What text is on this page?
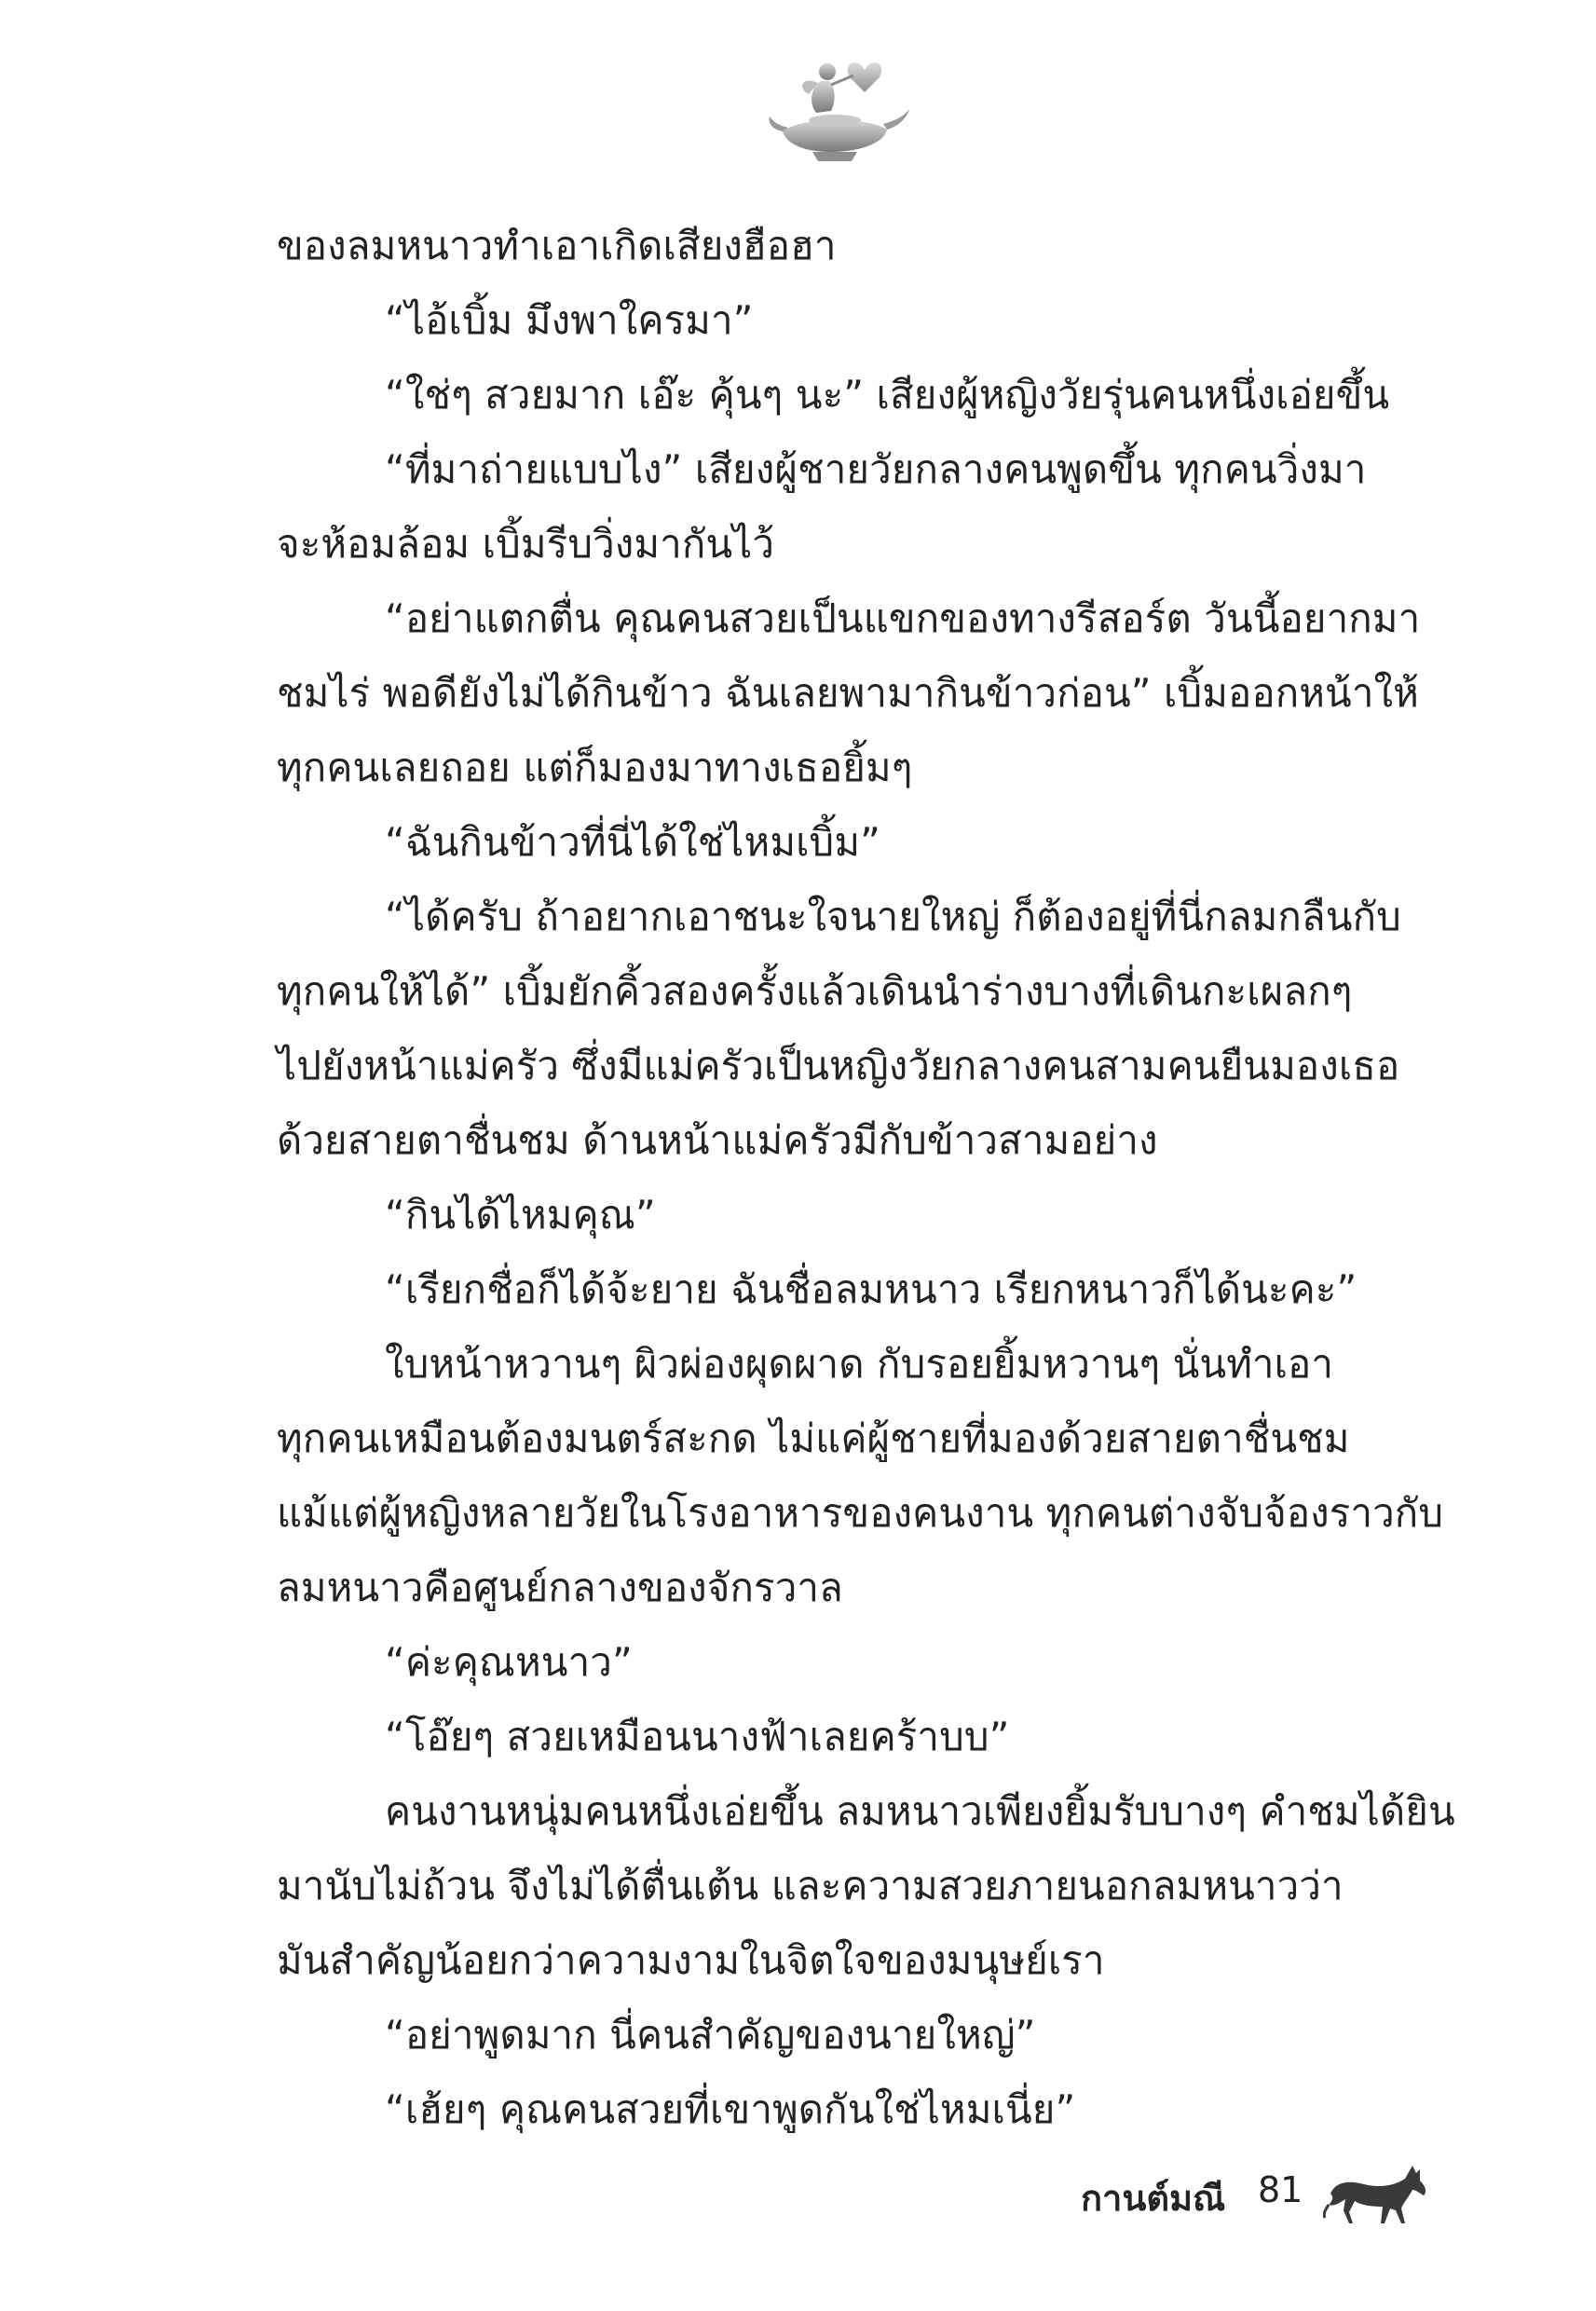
ของลมหนาวทำเอาเกิดเสียงฮือฮา
“ไอ้เบิ้ม มึงพาใครมา”
“ใช่ๆ สวยมาก เอ๊ะ คุ้นๆ นะ” เสียงผู้หญิงวัยรุ่นคนหนึ่งเอ่ยขึ้น
“ที่มาถ่ายแบบไง” เสียงผู้ชายวัยกลางคนพูดขึ้น ทุกคนวิ่งมา
จะห้อมล้อม เบิ้มรีบวิ่งมากันไว้
“อย่าแตกตื่น คุณคนสวยเป็นแขกของทางรีสอร์ต วันนี้อยากมา
ชมไร่ พอดียังไม่ได้กินข้าว ฉันเลยพามากินข้าวก่อน” เบิ้มออกหน้าให้
ทุกคนเลยถอย แต่ก็มองมาทางเธอยิ้มๆ
“ฉันกินข้าวที่นี่ได้ใช่ไหมเบิ้ม”
“ได้ครับ ถ้าอยากเอาชนะใจนายใหญ่ ก็ต้องอยู่ที่นี่กลมกลืนกับ
ทุกคนให้ได้” เบิ้มยักคิ้วสองครั้งแล้วเดินนำร่างบางที่เดินกะเผลกๆ
ไปยังหน้าแม่ครัว ซึ่งมีแม่ครัวเป็นหญิงวัยกลางคนสามคนยืนมองเธอ
ด้วยสายตาชื่นชม ด้านหน้าแม่ครัวมีกับข้าวสามอย่าง
“กินได้ไหมคุณ”
“เรียกชื่อก็ได้จ้ะยาย ฉันชื่อลมหนาว เรียกหนาวก็ได้นะคะ”
ใบหน้าหวานๆ ผิวผ่องผุดผาด กับรอยยิ้มหวานๆ นั่นทำเอา
ทุกคนเหมือนต้องมนตร์สะกด ไม่แค่ผู้ชายที่มองด้วยสายตาชื่นชม
แม้แต่ผู้หญิงหลายวัยในโรงอาหารของคนงาน ทุกคนต่างจับจ้องราวกับ
ลมหนาวคือศูนย์กลางของจักรวาล
“ค่ะคุณหนาว”
“โอ๊ยๆ สวยเหมือนนางฟ้าเลยคร้าบบ”
คนงานหนุ่มคนหนึ่งเอ่ยขึ้น ลมหนาวเพียงยิ้มรับบางๆ คำชมได้ยิน
มานับไม่ถ้วน จึงไม่ได้ตื่นเต้น และความสวยภายนอกลมหนาวว่า
มันสำคัญน้อยกว่าความงามในจิตใจของมนุษย์เรา
“อย่าพูดมาก นี่คนสำคัญของนายใหญ่”
“เฮ้ยๆ คุณคนสวยที่เขาพูดกันใช่ไหมเนี่ย”
กานต์มณี 81
